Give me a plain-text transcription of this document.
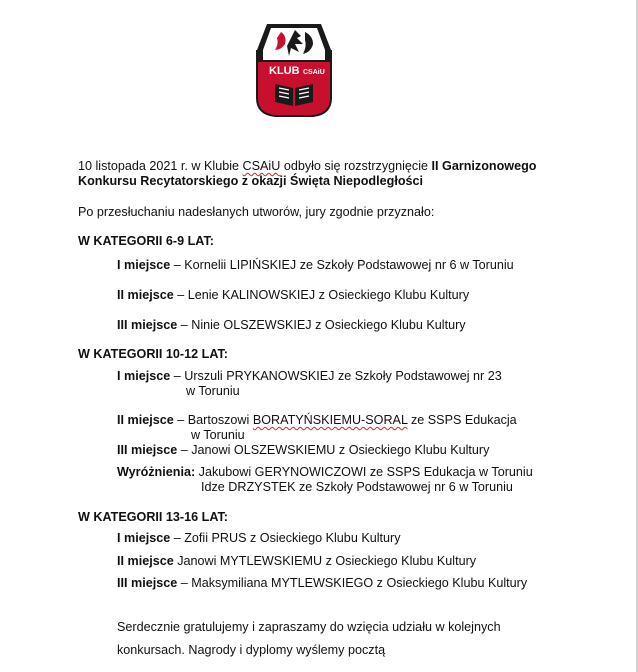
KLUB CSAiU
10 listopada 2021 r. w Klubie CSAiU odbyło się rozstrzygnięcie II Garnizonowego
Konkursu Recytatorskiego z okazji Święta Niepodległości
Po przesłuchaniu nadesłanych utworów, jury zgodnie przyznało:
W KATEGORII 6-9 LAT:
I miejsce – Kornelii LIPIŃSKIEJ ze Szkoły Podstawowej nr 6 w Toruniu
II miejsce – Lenie KALINOWSKIEJ z Osieckiego Klubu Kultury
III miejsce – Ninie OLSZEWSKIEJ z Osieckiego Klubu Kultury
W KATEGORII 10-12 LAT:
I miejsce – Urszuli PRYKANOWSKIEJ ze Szkoły Podstawowej nr 23
w Toruniu
II miejsce – Bartoszowi BORATYŃSKIEMU-SORAL ze SSPS Edukacja
w Toruniu
III miejsce – Janowi OLSZEWSKIEMU z Osieckiego Klubu Kultury
Wyróżnienia: Jakubowi GERYNOWICZOWI ze SSPS Edukacja w Toruniu
Idze DRZYSTEK ze Szkoły Podstawowej nr 6 w Toruniu
W KATEGORII 13-16 LAT:
I miejsce – Zofii PRUS z Osieckiego Klubu Kultury
II miejsce Janowi MYTLEWSKIEMU z Osieckiego Klubu Kultury
III miejsce – Maksymiliana MYTLEWSKIEGO z Osieckiego Klubu Kultury
Serdecznie gratulujemy i zapraszamy do wzięcia udziału w kolejnych
konkursach. Nagrody i dyplomy wyślemy pocztą
